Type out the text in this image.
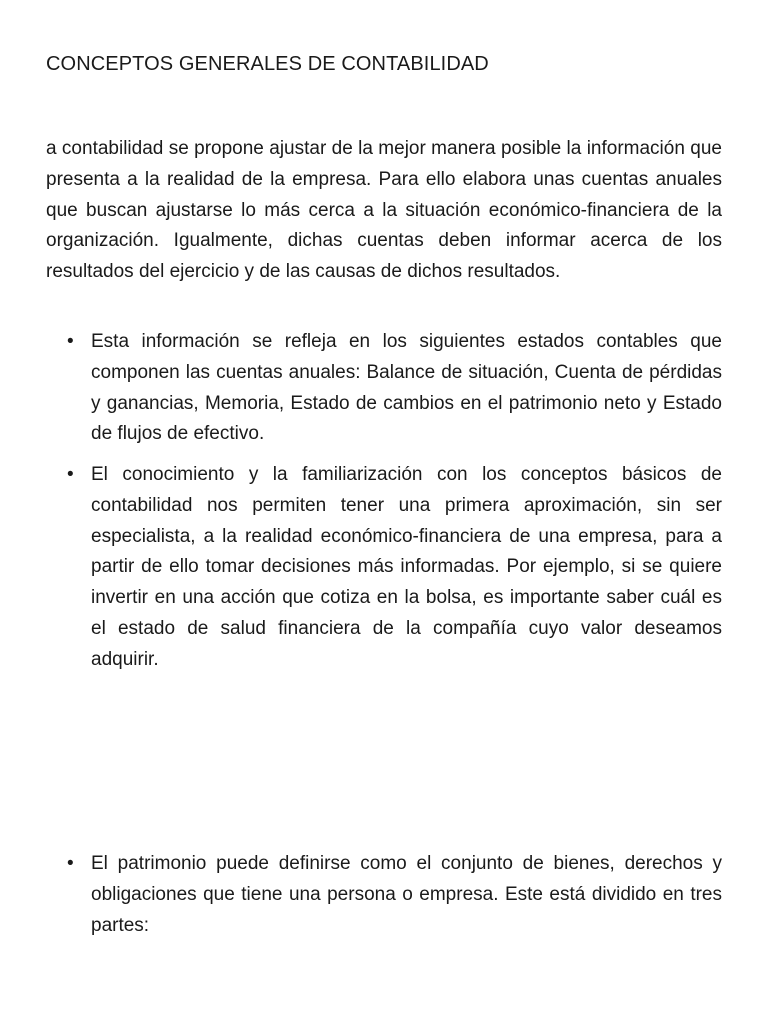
CONCEPTOS GENERALES DE CONTABILIDAD

a contabilidad se propone ajustar de la mejor manera posible la información que presenta a la realidad de la empresa. Para ello elabora unas cuentas anuales que buscan ajustarse lo más cerca a la situación económico-financiera de la organización. Igualmente, dichas cuentas deben informar acerca de los resultados del ejercicio y de las causas de dichos resultados.

• Esta información se refleja en los siguientes estados contables que componen las cuentas anuales: Balance de situación, Cuenta de pérdidas y ganancias, Memoria, Estado de cambios en el patrimonio neto y Estado de flujos de efectivo.

• El conocimiento y la familiarización con los conceptos básicos de contabilidad nos permiten tener una primera aproximación, sin ser especialista, a la realidad económico-financiera de una empresa, para a partir de ello tomar decisiones más informadas. Por ejemplo, si se quiere invertir en una acción que cotiza en la bolsa, es importante saber cuál es el estado de salud financiera de la compañía cuyo valor deseamos adquirir.

• El patrimonio puede definirse como el conjunto de bienes, derechos y obligaciones que tiene una persona o empresa. Este está dividido en tres partes:
